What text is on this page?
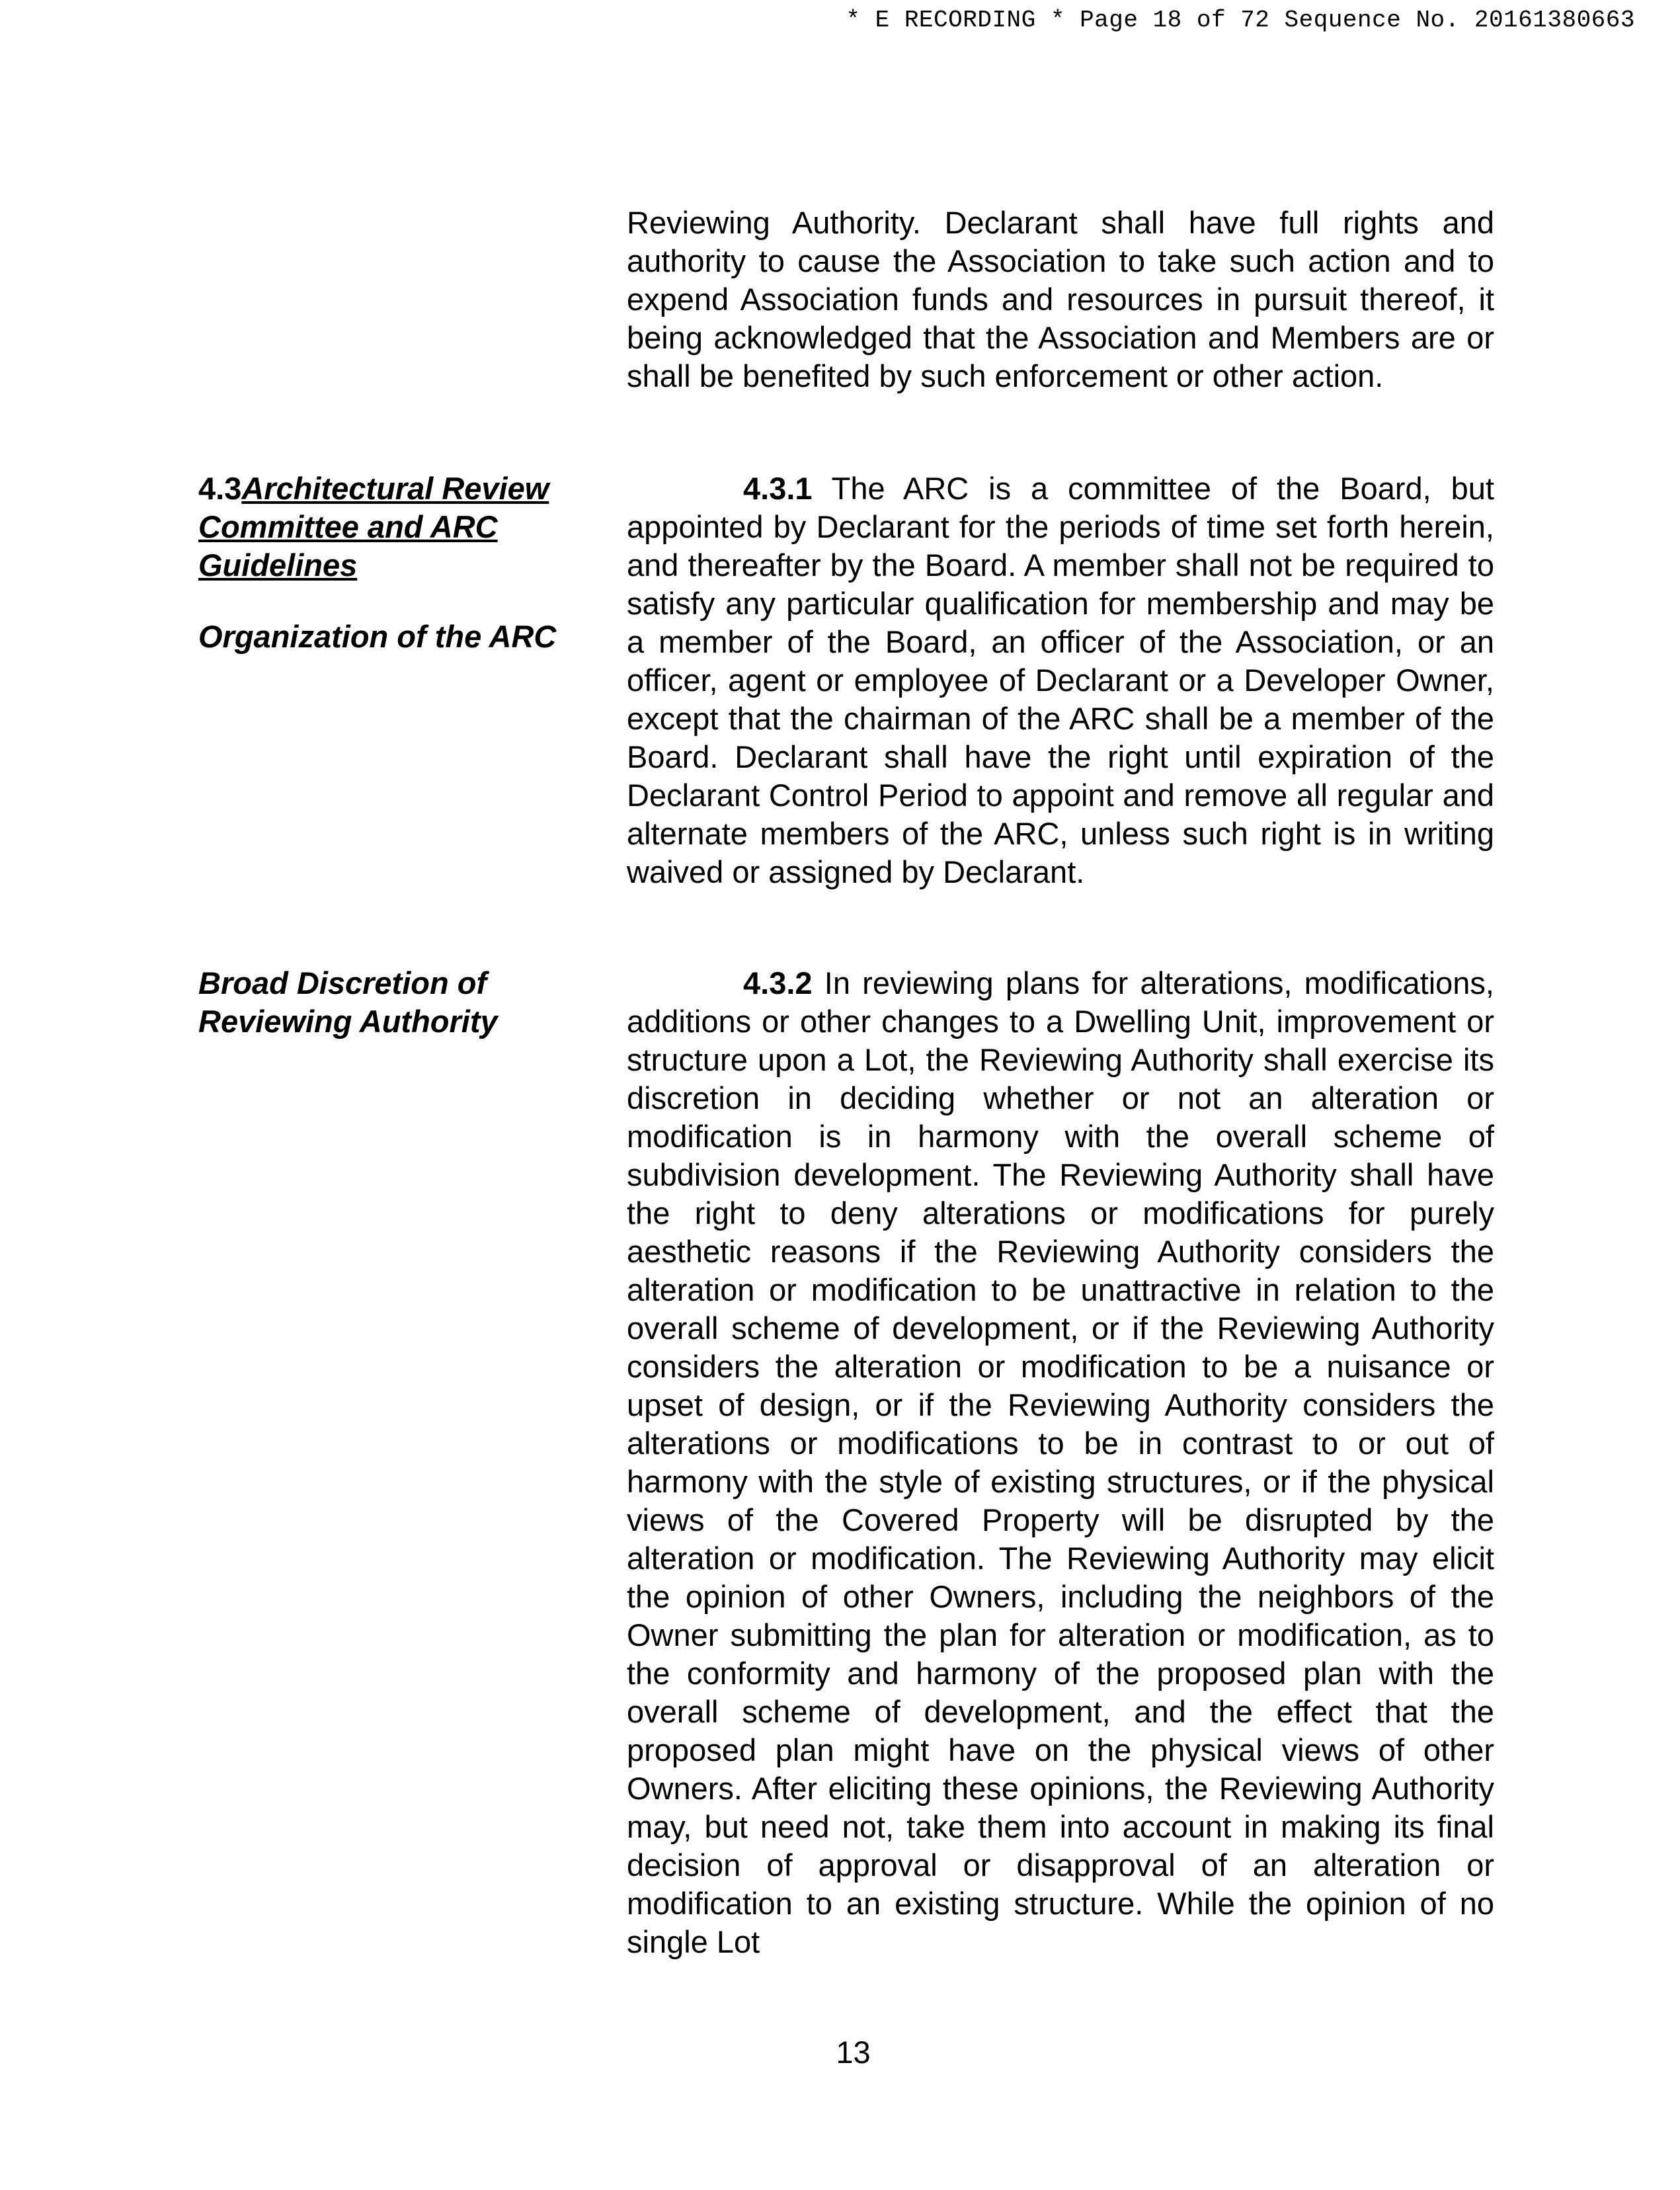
* E RECORDING * Page 18 of 72 Sequence No. 20161380663

Reviewing Authority. Declarant shall have full rights and authority to cause the Association to take such action and to expend Association funds and resources in pursuit thereof, it being acknowledged that the Association and Members are or shall be benefited by such enforcement or other action.

4.3Architectural Review Committee and ARC Guidelines
Organization of the ARC

4.3.1 The ARC is a committee of the Board, but appointed by Declarant for the periods of time set forth herein, and thereafter by the Board. A member shall not be required to satisfy any particular qualification for membership and may be a member of the Board, an officer of the Association, or an officer, agent or employee of Declarant or a Developer Owner, except that the chairman of the ARC shall be a member of the Board. Declarant shall have the right until expiration of the Declarant Control Period to appoint and remove all regular and alternate members of the ARC, unless such right is in writing waived or assigned by Declarant.

Broad Discretion of Reviewing Authority

4.3.2 In reviewing plans for alterations, modifications, additions or other changes to a Dwelling Unit, improvement or structure upon a Lot, the Reviewing Authority shall exercise its discretion in deciding whether or not an alteration or modification is in harmony with the overall scheme of subdivision development. The Reviewing Authority shall have the right to deny alterations or modifications for purely aesthetic reasons if the Reviewing Authority considers the alteration or modification to be unattractive in relation to the overall scheme of development, or if the Reviewing Authority considers the alteration or modification to be a nuisance or upset of design, or if the Reviewing Authority considers the alterations or modifications to be in contrast to or out of harmony with the style of existing structures, or if the physical views of the Covered Property will be disrupted by the alteration or modification. The Reviewing Authority may elicit the opinion of other Owners, including the neighbors of the Owner submitting the plan for alteration or modification, as to the conformity and harmony of the proposed plan with the overall scheme of development, and the effect that the proposed plan might have on the physical views of other Owners. After eliciting these opinions, the Reviewing Authority may, but need not, take them into account in making its final decision of approval or disapproval of an alteration or modification to an existing structure. While the opinion of no single Lot

13
